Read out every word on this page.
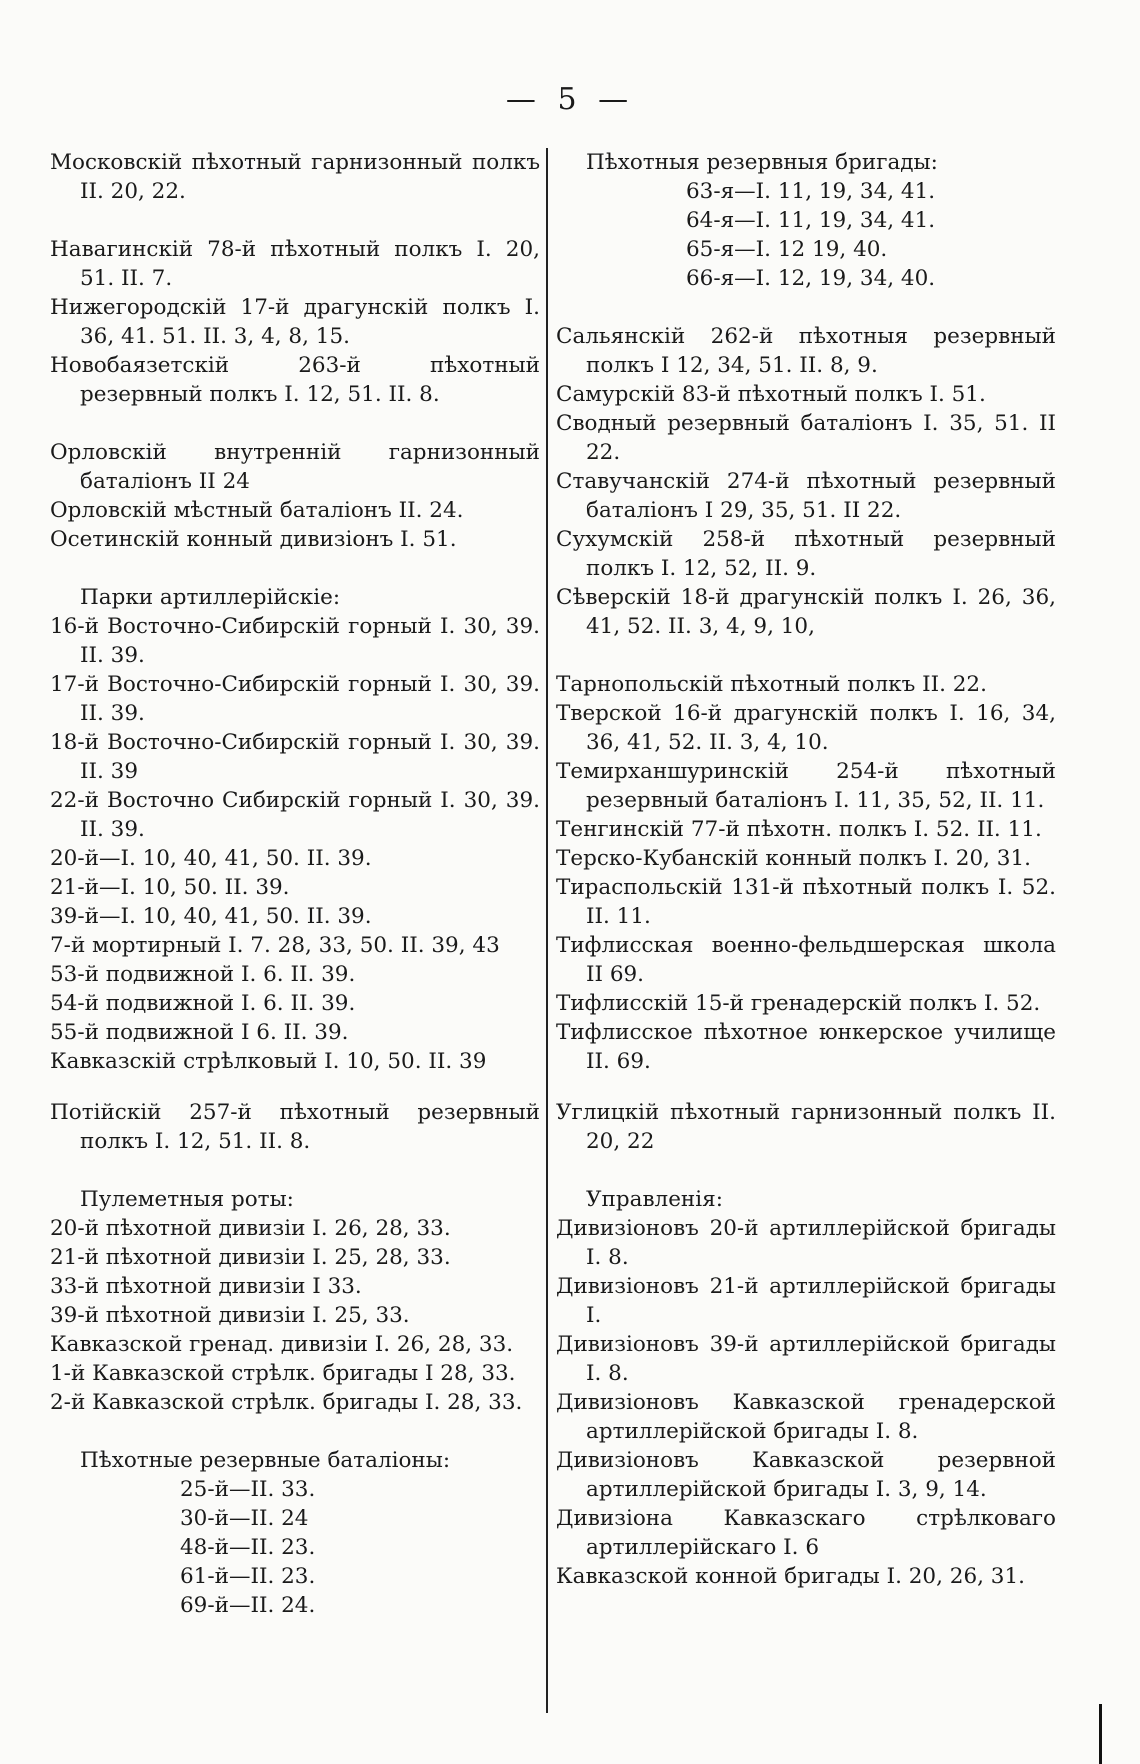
— 5 —
Московскій пѣхотный гарнизонный полкъ II. 20, 22.
Навагинскій 78-й пѣхотный полкъ I. 20, 51. II. 7.
Нижегородскій 17-й драгунскій полкъ I. 36, 41. 51. II. 3, 4, 8, 15.
Новобаязетскій 263-й пѣхотный резервный полкъ I. 12, 51. II. 8.
Орловскій внутренній гарнизонный баталіонъ II 24
Орловскій мѣстный баталіонъ II. 24.
Осетинскій конный дивизіонъ I. 51.
Парки артиллерійскіе:
16-й Восточно-Сибирскій горный I. 30, 39. II. 39.
17-й Восточно-Сибирскій горный I. 30, 39. II. 39.
18-й Восточно-Сибирскій горный I. 30, 39. II. 39
22-й Восточно Сибирскій горный I. 30, 39. II. 39.
20-й—I. 10, 40, 41, 50. II. 39.
21-й—I. 10, 50. II. 39.
39-й—I. 10, 40, 41, 50. II. 39.
7-й мортирный I. 7. 28, 33, 50. II. 39, 43
53-й подвижной I. 6. II. 39.
54-й подвижной I. 6. II. 39.
55-й подвижной I 6. II. 39.
Кавказскій стрѣлковый I. 10, 50. II. 39
Потійскій 257-й пѣхотный резервный полкъ I. 12, 51. II. 8.
Пулеметныя роты:
20-й пѣхотной дивизіи I. 26, 28, 33.
21-й пѣхотной дивизіи I. 25, 28, 33.
33-й пѣхотной дивизіи I 33.
39-й пѣхотной дивизіи I. 25, 33.
Кавказской гренад. дивизіи I. 26, 28, 33.
1-й Кавказской стрѣлк. бригады I 28, 33.
2-й Кавказской стрѣлк. бригады I. 28, 33.
Пѣхотные резервные баталіоны:
25-й—II. 33.
30-й—II. 24
48-й—II. 23.
61-й—II. 23.
69-й—II. 24.
Пѣхотныя резервныя бригады:
63-я—I. 11, 19, 34, 41.
64-я—I. 11, 19, 34, 41.
65-я—I. 12 19, 40.
66-я—I. 12, 19, 34, 40.
Сальянскій 262-й пѣхотныя резервный полкъ I 12, 34, 51. II. 8, 9.
Самурскій 83-й пѣхотный полкъ I. 51.
Сводный резервный баталіонъ I. 35, 51. II 22.
Ставучанскій 274-й пѣхотный резервный баталіонъ I 29, 35, 51. II 22.
Сухумскій 258-й пѣхотный резервный полкъ I. 12, 52, II. 9.
Сѣверскій 18-й драгунскій полкъ I. 26, 36, 41, 52. II. 3, 4, 9, 10,
Тарнопольскій пѣхотный полкъ II. 22.
Тверской 16-й драгунскій полкъ I. 16, 34, 36, 41, 52. II. 3, 4, 10.
Темирханшуринскій 254-й пѣхотный резервный баталіонъ I. 11, 35, 52, II. 11.
Тенгинскій 77-й пѣхотн. полкъ I. 52. II. 11.
Терско-Кубанскій конный полкъ I. 20, 31.
Тираспольскій 131-й пѣхотный полкъ I. 52. II. 11.
Тифлисская военно-фельдшерская школа II 69.
Тифлисскій 15-й гренадерскій полкъ I. 52.
Тифлисское пѣхотное юнкерское училище II. 69.
Углицкій пѣхотный гарнизонный полкъ II. 20, 22
Управленія:
Дивизіоновъ 20-й артиллерійской бригады I. 8.
Дивизіоновъ 21-й артиллерійской бригады I.
Дивизіоновъ 39-й артиллерійской бригады I. 8.
Дивизіоновъ Кавказской гренадерской артиллерійской бригады I. 8.
Дивизіоновъ Кавказской резервной артиллерійской бригады I. 3, 9, 14.
Дивизіона Кавказскаго стрѣлковаго артиллерійскаго I. 6
Кавказской конной бригады I. 20, 26, 31.
